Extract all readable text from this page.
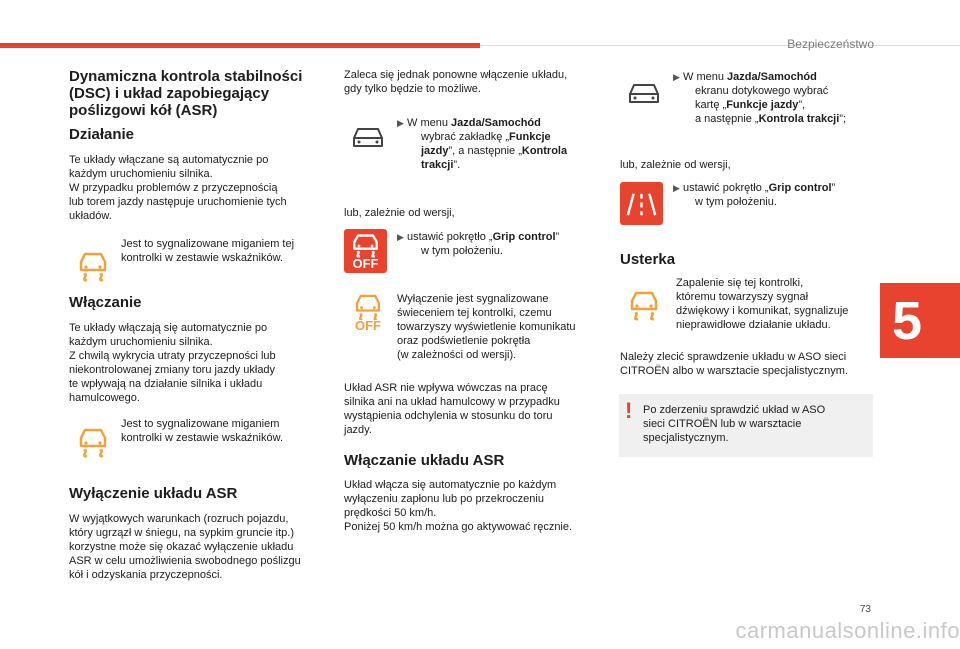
Bezpieczeństwo
5
73
carmanualsonline.info
Dynamiczna kontrola stabilności (DSC) i układ zapobiegający poślizgowi kół (ASR)
Działanie

Te układy włączane są automatycznie po

każdym uruchomieniu silnika.

W przypadku problemów z przyczepnością

lub torem jazdy następuje uruchomienie tych

układów.

Jest to sygnalizowane miganiem tej

kontrolki w zestawie wskaźników.

Włączanie

Te układy włączają się automatycznie po

każdym uruchomieniu silnika.

Z chwilą wykrycia utraty przyczepności lub

niekontrolowanej zmiany toru jazdy układy

te wpływają na działanie silnika i układu

hamulcowego.

Jest to sygnalizowane miganiem

kontrolki w zestawie wskaźników.

Wyłączenie układu ASR

W wyjątkowych warunkach (rozruch pojazdu,

który ugrzązł w śniegu, na sypkim gruncie itp.)

korzystne może się okazać wyłączenie układu

ASR w celu umożliwienia swobodnego poślizgu

kół i odzyskania przyczepności.

Zaleca się jednak ponowne włączenie układu,

gdy tylko będzie to możliwe.

▶ W menu Jazda/Samochód
wybrać zakładkę „Funkcje
jazdy”, a następnie „Kontrola
trakcji”.

lub, zależnie od wersji,

OFF
▶ ustawić pokrętło „Grip control”
w tym położeniu.
OFF

Wyłączenie jest sygnalizowane

świeceniem tej kontrolki, czemu

towarzyszy wyświetlenie komunikatu

oraz podświetlenie pokrętła

(w zależności od wersji).

Układ ASR nie wpływa wówczas na pracę

silnika ani na układ hamulcowy w przypadku

wystąpienia odchylenia w stosunku do toru

jazdy.

Włączanie układu ASR

Układ włącza się automatycznie po każdym

wyłączeniu zapłonu lub po przekroczeniu

prędkości 50 km/h.

Poniżej 50 km/h można go aktywować ręcznie.

▶ W menu Jazda/Samochód
ekranu dotykowego wybrać
kartę „Funkcje jazdy”,
a następnie „Kontrola trakcji”;

lub, zależnie od wersji,

▶ ustawić pokrętło „Grip control”
w tym położeniu.
Usterka

Zapalenie się tej kontrolki,

któremu towarzyszy sygnał

dźwiękowy i komunikat, sygnalizuje

nieprawidłowe działanie układu.

Należy zlecić sprawdzenie układu w ASO sieci

CITROËN albo w warsztacie specjalistycznym.

! Po zderzeniu sprawdzić układ w ASO

sieci CITROËN lub w warsztacie

specjalistycznym.
